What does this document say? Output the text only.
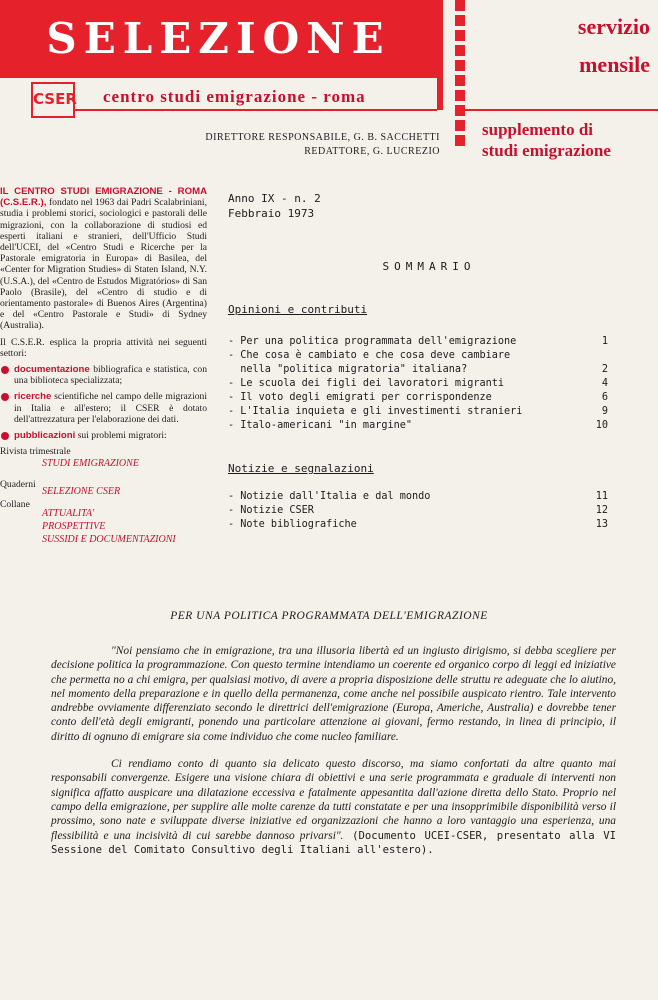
SELEZIONE	servizio
mensile
supplemento di
studi emigrazione
CSER centro studi emigrazione - roma
DIRETTORE RESPONSABILE, G. B. SACCHETTI
REDATTORE, G. LUCREZIO

IL CENTRO STUDI EMIGRAZIONE - ROMA (C.S.E.R.), fondato nel 1963 dai Padri Scalabriniani, studia i problemi storici, sociologici e pastorali delle migrazioni, con la collaborazione di studiosi ed esperti italiani e stranieri, dell'Ufficio Studi dell'UCEI, del «Centro Studi e Ricerche per la Pastorale emigratoria in Europa» di Basilea, del «Center for Migration Studies» di Staten Island, N.Y. (U.S.A.), del «Centro de Estudos Migratórios» di San Paolo (Brasile), del «Centro di studio e di orientamento pastorale» di Buenos Aires (Argentina) e del «Centro Pastorale e Studi» di Sydney (Australia).

Il C.S.E.R. esplica la propria attività nei seguenti settori:

documentazione bibliografica e statistica, con una biblioteca specializzata;

ricerche scientifiche nel campo delle migrazioni in Italia e all'estero; il CSER è dotato dell'attrezzatura per l'elaborazione dei dati.

pubblicazioni sui problemi migratori:

Rivista trimestrale
STUDI EMIGRAZIONE
Quaderni
SELEZIONE CSER
Collane
ATTUALITA'
PROSPETTIVE
SUSSIDI E DOCUMENTAZIONI
Anno IX - n. 2
Febbraio 1973
SOMMARIO
Opinioni e contributi
- Per una politica programmata dell'emigrazione	1
- Che cosa è cambiato e che cosa deve cambiare
nella "politica migratoria" italiana?	2
- Le scuola dei figli dei lavoratori migranti	4
- Il voto degli emigrati per corrispondenze	6
- L'Italia inquieta e gli investimenti stranieri	9
- Italo-americani "in margine"	10
Notizie e segnalazioni
- Notizie dall'Italia e dal mondo	11
- Notizie CSER	12
- Note bibliografiche	13
PER UNA POLITICA PROGRAMMATA DELL'EMIGRAZIONE

"Noi pensiamo che in emigrazione, tra una illusoria libertà ed un ingiusto dirigismo, si debba scegliere per decisione politica la programmazione. Con questo termine intendiamo un coerente ed organico corpo di leggi ed iniziative che permetta no a chi emigra, per qualsiasi motivo, di avere a propria disposizione delle struttu re adeguate che lo aiutino, nel momento della preparazione e in quello della permanenza, come anche nel possibile auspicato rientro. Tale intervento andrebbe ovviamente differenziato secondo le direttrici dell'emigrazione (Europa, Americhe, Australia) e dovrebbe tener conto dell'età degli emigranti, ponendo una particolare attenzione ai giovani, fermo restando, in linea di principio, il diritto di ognuno di emigrare sia come individuo che come nucleo familiare.

Ci rendiamo conto di quanto sia delicato questo discorso, ma siamo confortati da altre quanto mai responsabili convergenze. Esigere una visione chiara di obiettivi e una serie programmata e graduale di interventi non significa affatto auspicare una dilatazione eccessiva e fatalmente appesantita dall'azione diretta dello Stato. Proprio nel campo della emigrazione, per supplire alle molte carenze da tutti constatate e per una insopprimibile disponibilità verso il prossimo, sono nate e sviluppate diverse iniziative ed organizzazioni che hanno a loro vantaggio una esperienza, una flessibilità e una incisività di cui sarebbe dannoso privarsi". (Documento UCEI-CSER, presentato alla VI Sessione del Comitato Consultivo degli Italiani all'estero).
